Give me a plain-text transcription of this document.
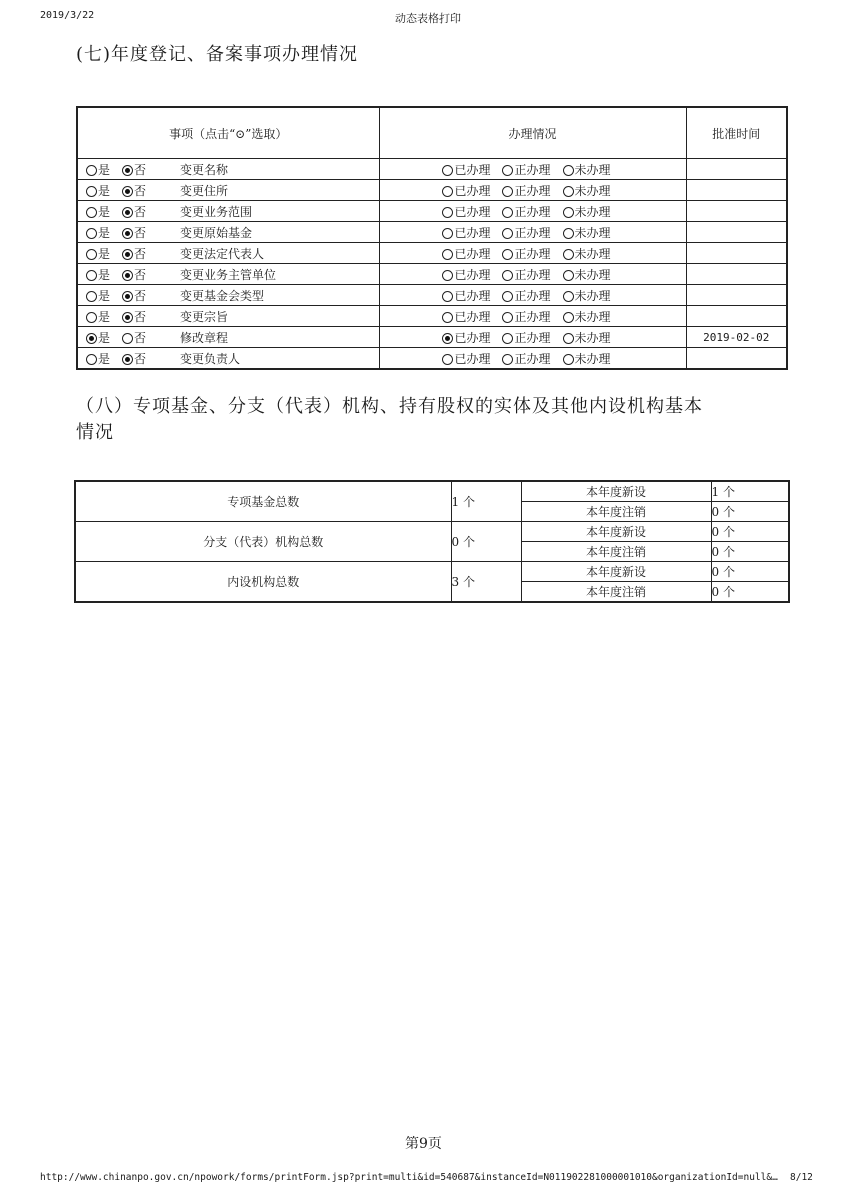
2019/3/22	动态表格打印
(七)年度登记、备案事项办理情况
事项（点击“⊙”选取）	办理情况	批准时间
是 否 变更名称	已办理 正办理 未办理	
是 否 变更住所	已办理 正办理 未办理	
是 否 变更业务范围	已办理 正办理 未办理	
是 否 变更原始基金	已办理 正办理 未办理	
是 否 变更法定代表人	已办理 正办理 未办理	
是 否 变更业务主管单位	已办理 正办理 未办理	
是 否 变更基金会类型	已办理 正办理 未办理	
是 否 变更宗旨	已办理 正办理 未办理	
是 否 修改章程	已办理 正办理 未办理	2019-02-02
是 否 变更负责人	已办理 正办理 未办理	
（八）专项基金、分支（代表）机构、持有股权的实体及其他内设机构基本
情况
专项基金总数	1 个	本年度新设	1 个
		本年度注销	0 个
分支（代表）机构总数	0 个	本年度新设	0 个
		本年度注销	0 个
内设机构总数	3 个	本年度新设	0 个
		本年度注销	0 个
第9页
http://www.chinanpo.gov.cn/npowork/forms/printForm.jsp?print=multi&id=540687&instanceId=N011902281000001010&organizationId=null&… 8/12
